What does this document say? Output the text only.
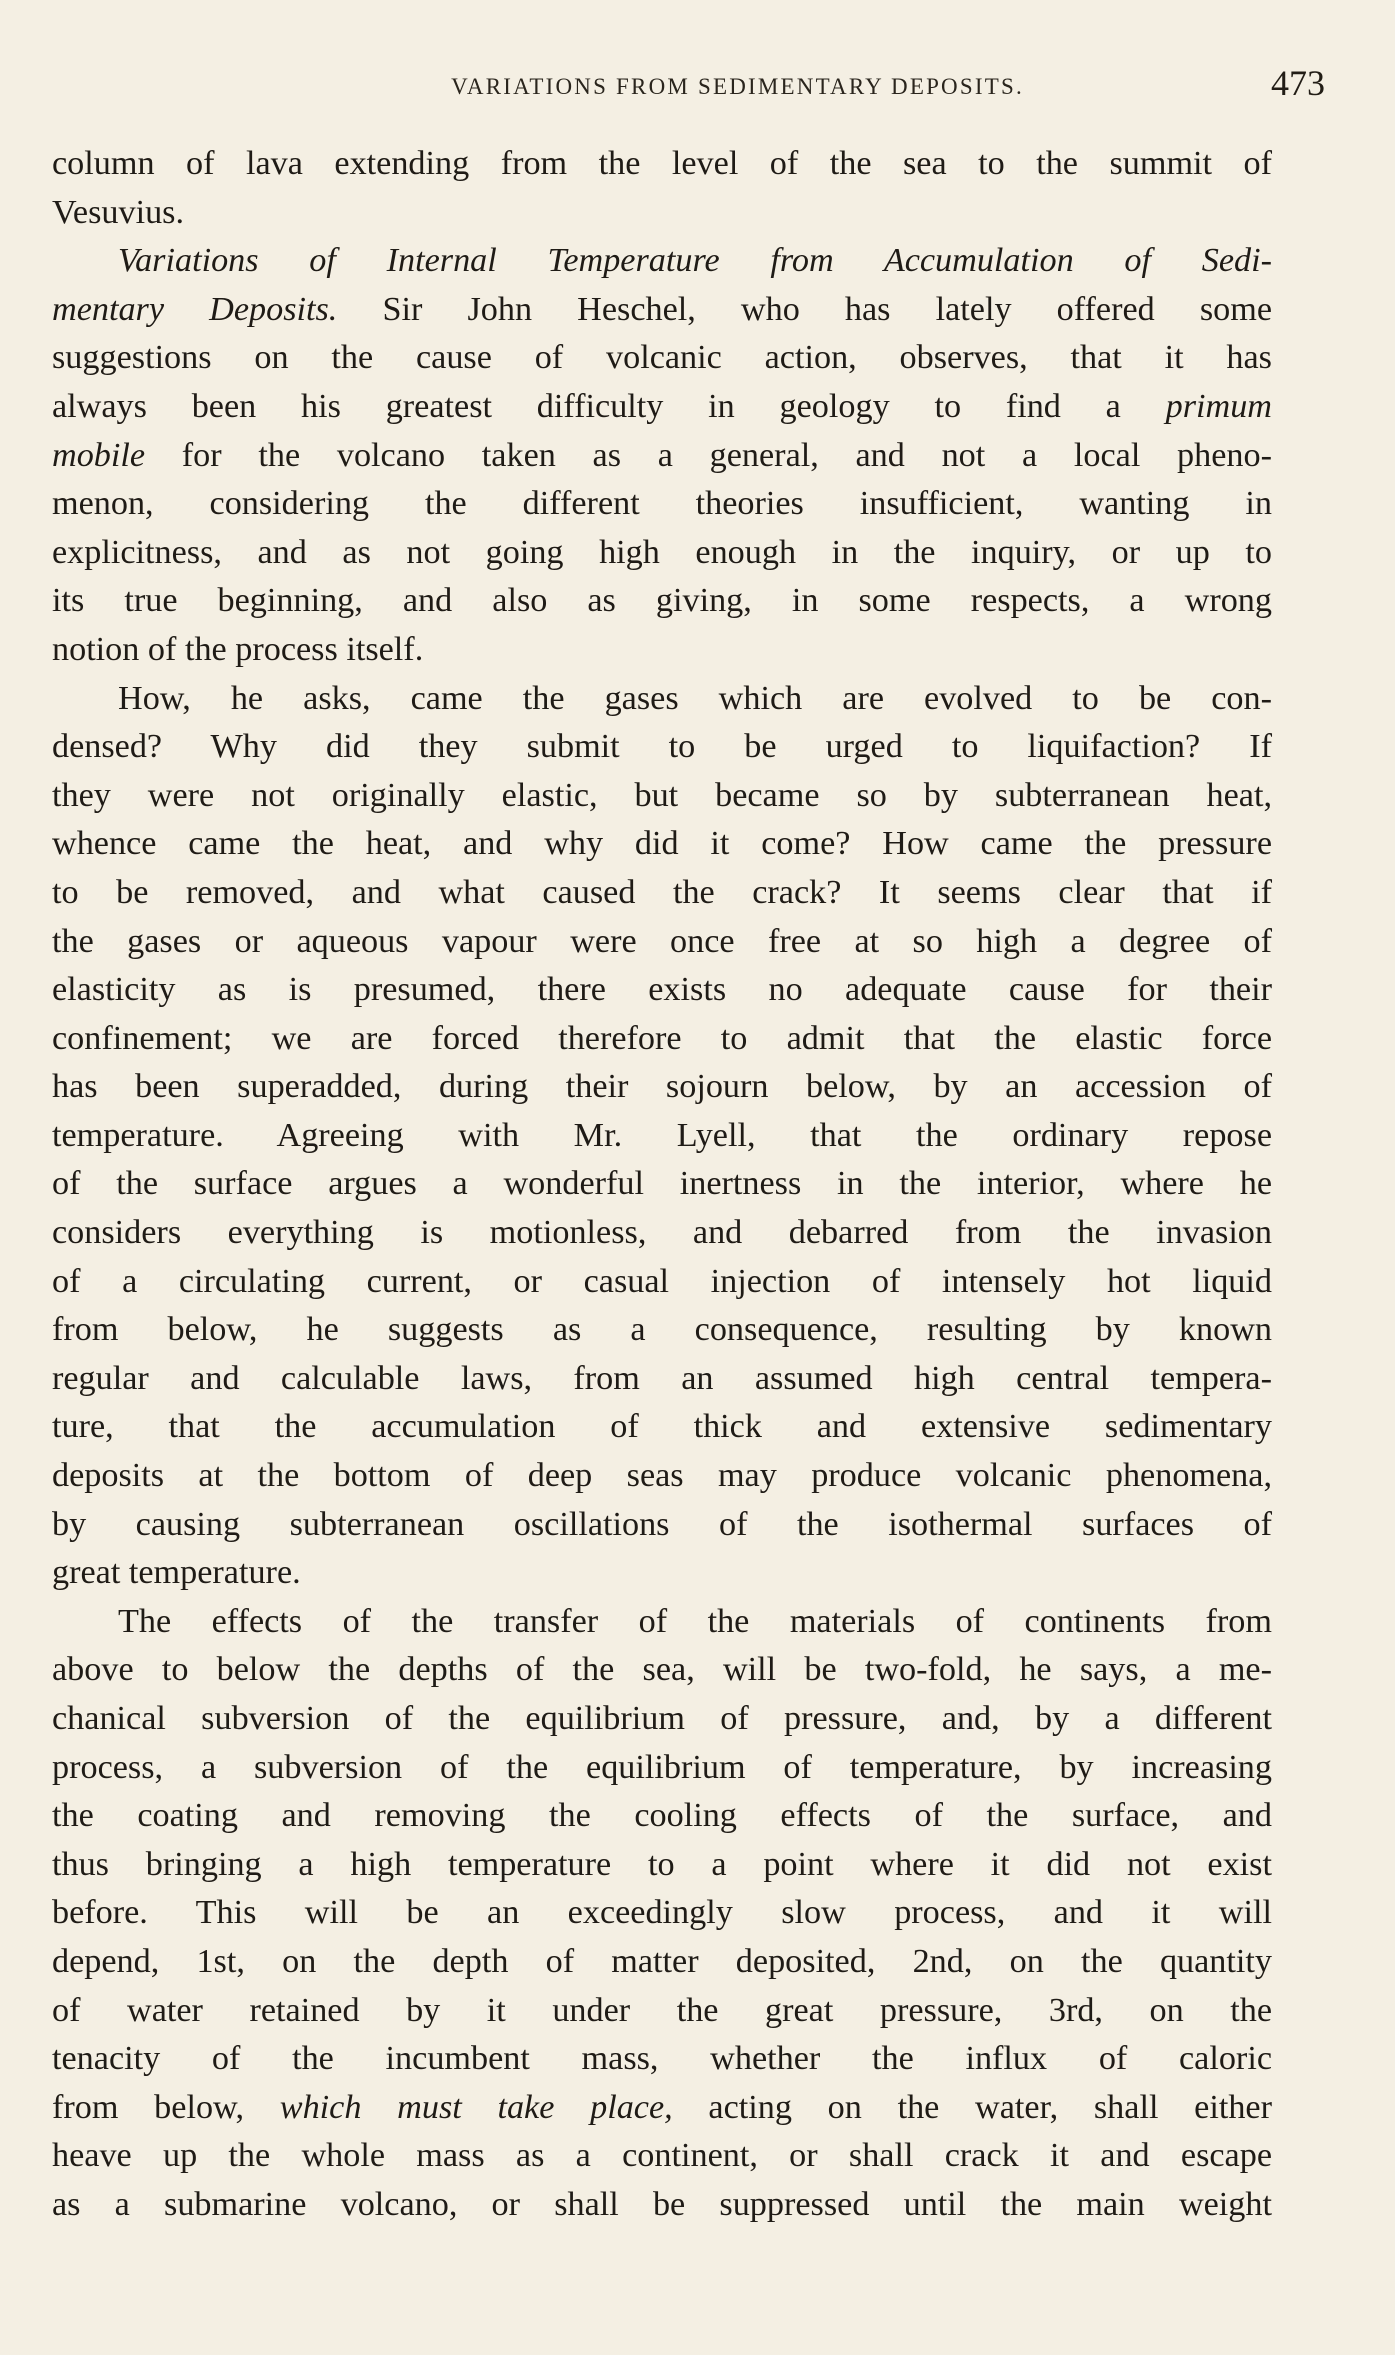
VARIATIONS FROM SEDIMENTARY DEPOSITS.	473
column of lava extending from the level of the sea to the summit of
Vesuvius.
Variations of Internal Temperature from Accumulation of Sedi-
mentary Deposits. Sir John Heschel, who has lately offered some
suggestions on the cause of volcanic action, observes, that it has
always been his greatest difficulty in geology to find a primum
mobile for the volcano taken as a general, and not a local pheno-
menon, considering the different theories insufficient, wanting in
explicitness, and as not going high enough in the inquiry, or up to
its true beginning, and also as giving, in some respects, a wrong
notion of the process itself.
How, he asks, came the gases which are evolved to be con-
densed? Why did they submit to be urged to liquifaction? If
they were not originally elastic, but became so by subterranean heat,
whence came the heat, and why did it come? How came the pressure
to be removed, and what caused the crack? It seems clear that if
the gases or aqueous vapour were once free at so high a degree of
elasticity as is presumed, there exists no adequate cause for their
confinement; we are forced therefore to admit that the elastic force
has been superadded, during their sojourn below, by an accession of
temperature. Agreeing with Mr. Lyell, that the ordinary repose
of the surface argues a wonderful inertness in the interior, where he
considers everything is motionless, and debarred from the invasion
of a circulating current, or casual injection of intensely hot liquid
from below, he suggests as a consequence, resulting by known
regular and calculable laws, from an assumed high central tempera-
ture, that the accumulation of thick and extensive sedimentary
deposits at the bottom of deep seas may produce volcanic phenomena,
by causing subterranean oscillations of the isothermal surfaces of
great temperature.
The effects of the transfer of the materials of continents from
above to below the depths of the sea, will be two-fold, he says, a me-
chanical subversion of the equilibrium of pressure, and, by a different
process, a subversion of the equilibrium of temperature, by increasing
the coating and removing the cooling effects of the surface, and
thus bringing a high temperature to a point where it did not exist
before. This will be an exceedingly slow process, and it will
depend, 1st, on the depth of matter deposited, 2nd, on the quantity
of water retained by it under the great pressure, 3rd, on the
tenacity of the incumbent mass, whether the influx of caloric
from below, which must take place, acting on the water, shall either
heave up the whole mass as a continent, or shall crack it and escape
as a submarine volcano, or shall be suppressed until the main weight
